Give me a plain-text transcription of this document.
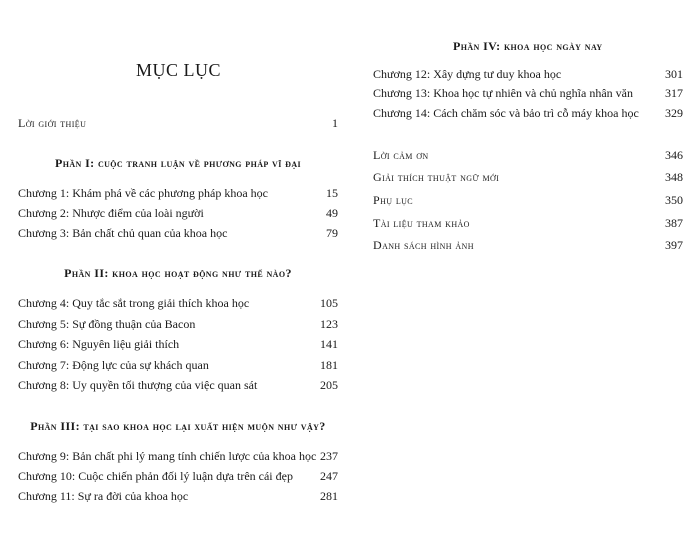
MỤC LỤC
Lời giới thiệu	1
Phần I: cuộc tranh luận về phương pháp vĩ đại
Chương 1: Khám phá về các phương pháp khoa học	15
Chương 2: Nhược điểm của loài người	49
Chương 3: Bản chất chủ quan của khoa học	79
Phần II: khoa học hoạt động như thế nào?
Chương 4: Quy tắc sắt trong giải thích khoa học	105
Chương 5: Sự đồng thuận của Bacon	123
Chương 6: Nguyên liệu giải thích	141
Chương 7: Động lực của sự khách quan	181
Chương 8: Uy quyền tối thượng của việc quan sát	205
Phần III: tại sao khoa học lại xuất hiện muộn như vậy?
Chương 9: Bản chất phi lý mang tính chiến lược của khoa học 237
Chương 10: Cuộc chiến phản đối lý luận dựa trên cái đẹp 247
Chương 11: Sự ra đời của khoa học	281
Phần IV: khoa học ngày nay
Chương 12: Xây dựng tư duy khoa học	301
Chương 13: Khoa học tự nhiên và chủ nghĩa nhân văn	317
Chương 14: Cách chăm sóc và bảo trì cỗ máy khoa học 329
Lời cảm ơn	346
Giải thích thuật ngữ mới	348
Phụ lục	350
Tài liệu tham khảo	387
Danh sách hình ảnh	397
